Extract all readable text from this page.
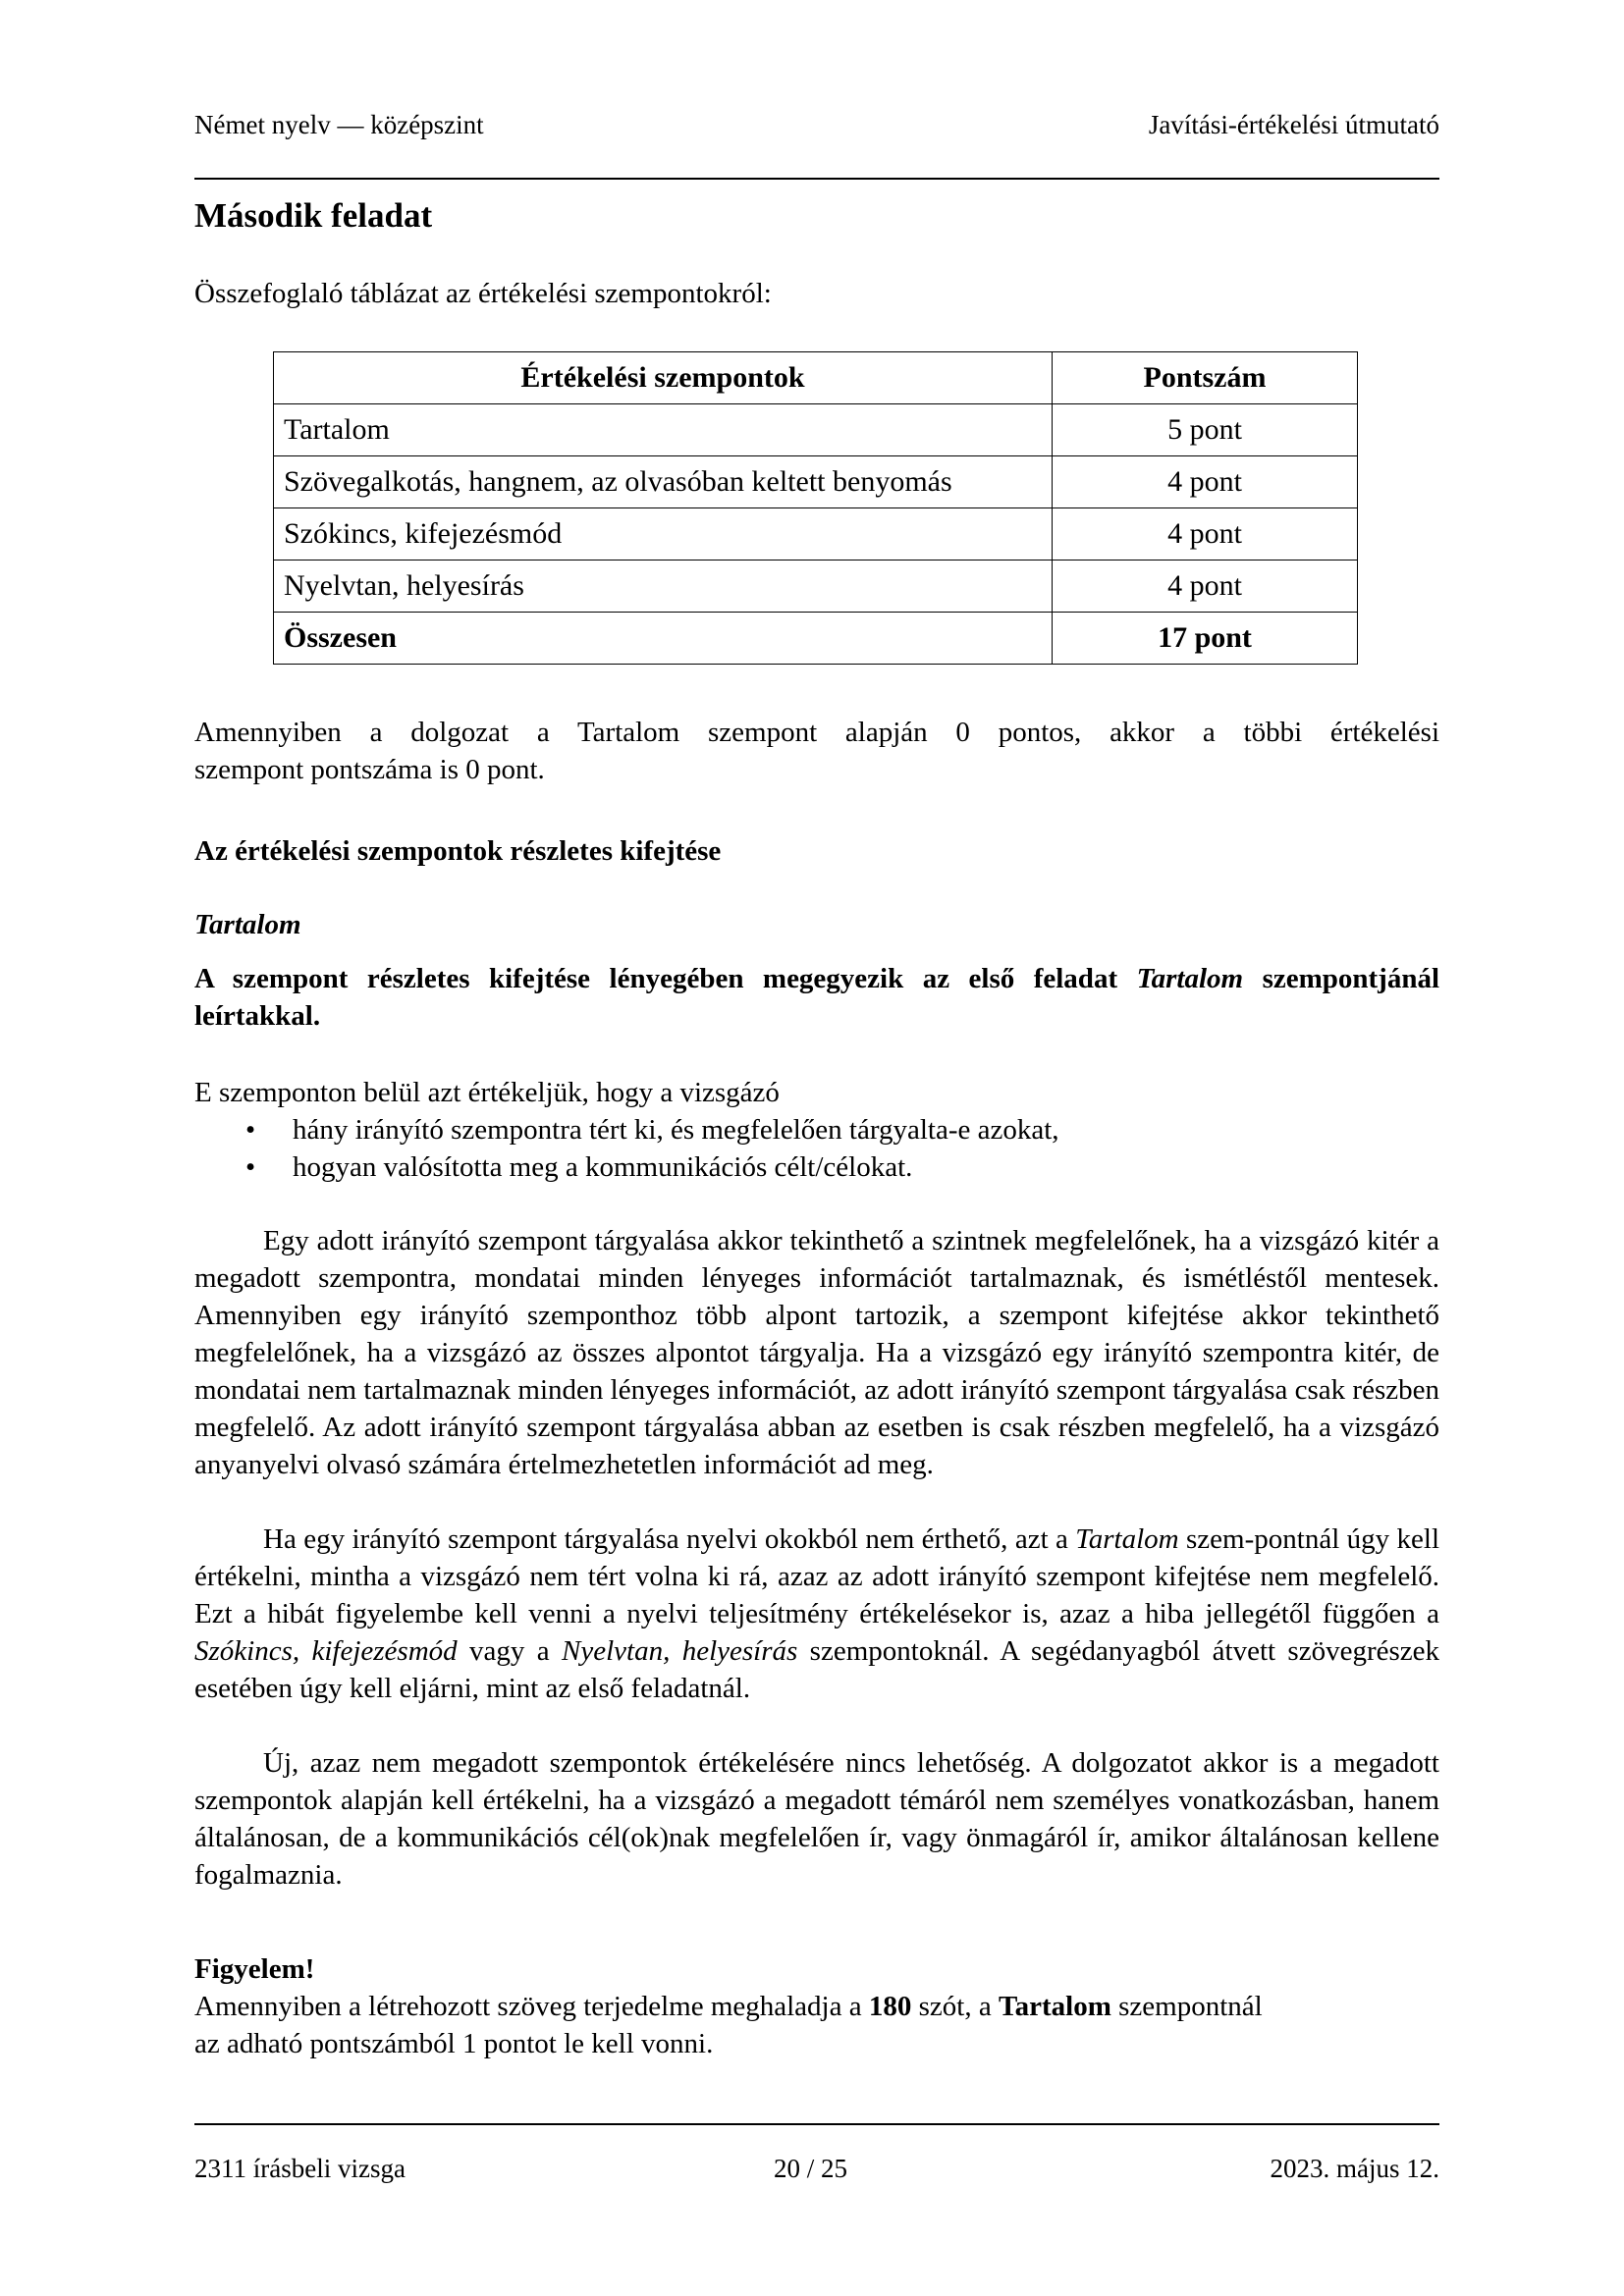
Német nyelv — középszint	Javítási-értékelési útmutató
Második feladat
Összefoglaló táblázat az értékelési szempontokról:
Értékelési szempontok	Pontszám
Tartalom	5 pont
Szövegalkotás, hangnem, az olvasóban keltett benyomás	4 pont
Szókincs, kifejezésmód	4 pont
Nyelvtan, helyesírás	4 pont
Összesen	17 pont
Amennyiben a dolgozat a Tartalom szempont alapján 0 pontos, akkor a többi értékelési
szempont pontszáma is 0 pont.
Az értékelési szempontok részletes kifejtése
Tartalom
A szempont részletes kifejtése lényegében megegyezik az első feladat Tartalom szempontjánál leírtakkal.
E szemponton belül azt értékeljük, hogy a vizsgázó
• hány irányító szempontra tért ki, és megfelelően tárgyalta-e azokat,
• hogyan valósította meg a kommunikációs célt/célokat.
Egy adott irányító szempont tárgyalása akkor tekinthető a szintnek megfelelőnek, ha a vizsgázó kitér a megadott szempontra, mondatai minden lényeges információt tartalmaznak, és ismétléstől mentesek. Amennyiben egy irányító szemponthoz több alpont tartozik, a szempont kifejtése akkor tekinthető megfelelőnek, ha a vizsgázó az összes alpontot tárgyalja. Ha a vizsgázó egy irányító szempontra kitér, de mondatai nem tartalmaznak minden lényeges információt, az adott irányító szempont tárgyalása csak részben megfelelő. Az adott irányító szempont tárgyalása abban az esetben is csak részben megfelelő, ha a vizsgázó anyanyelvi olvasó számára értelmezhetetlen információt ad meg.
Ha egy irányító szempont tárgyalása nyelvi okokból nem érthető, azt a Tartalom szem-pontnál úgy kell értékelni, mintha a vizsgázó nem tért volna ki rá, azaz az adott irányító szempont kifejtése nem megfelelő. Ezt a hibát figyelembe kell venni a nyelvi teljesítmény értékelésekor is, azaz a hiba jellegétől függően a Szókincs, kifejezésmód vagy a Nyelvtan, helyesírás szempontoknál. A segédanyagból átvett szövegrészek esetében úgy kell eljárni, mint az első feladatnál.
Új, azaz nem megadott szempontok értékelésére nincs lehetőség. A dolgozatot akkor is a megadott szempontok alapján kell értékelni, ha a vizsgázó a megadott témáról nem személyes vonatkozásban, hanem általánosan, de a kommunikációs cél(ok)nak megfelelően ír, vagy önmagáról ír, amikor általánosan kellene fogalmaznia.
Figyelem!
Amennyiben a létrehozott szöveg terjedelme meghaladja a 180 szót, a Tartalom szempontnál
az adható pontszámból 1 pontot le kell vonni.
2311 írásbeli vizsga	20 / 25	2023. május 12.
